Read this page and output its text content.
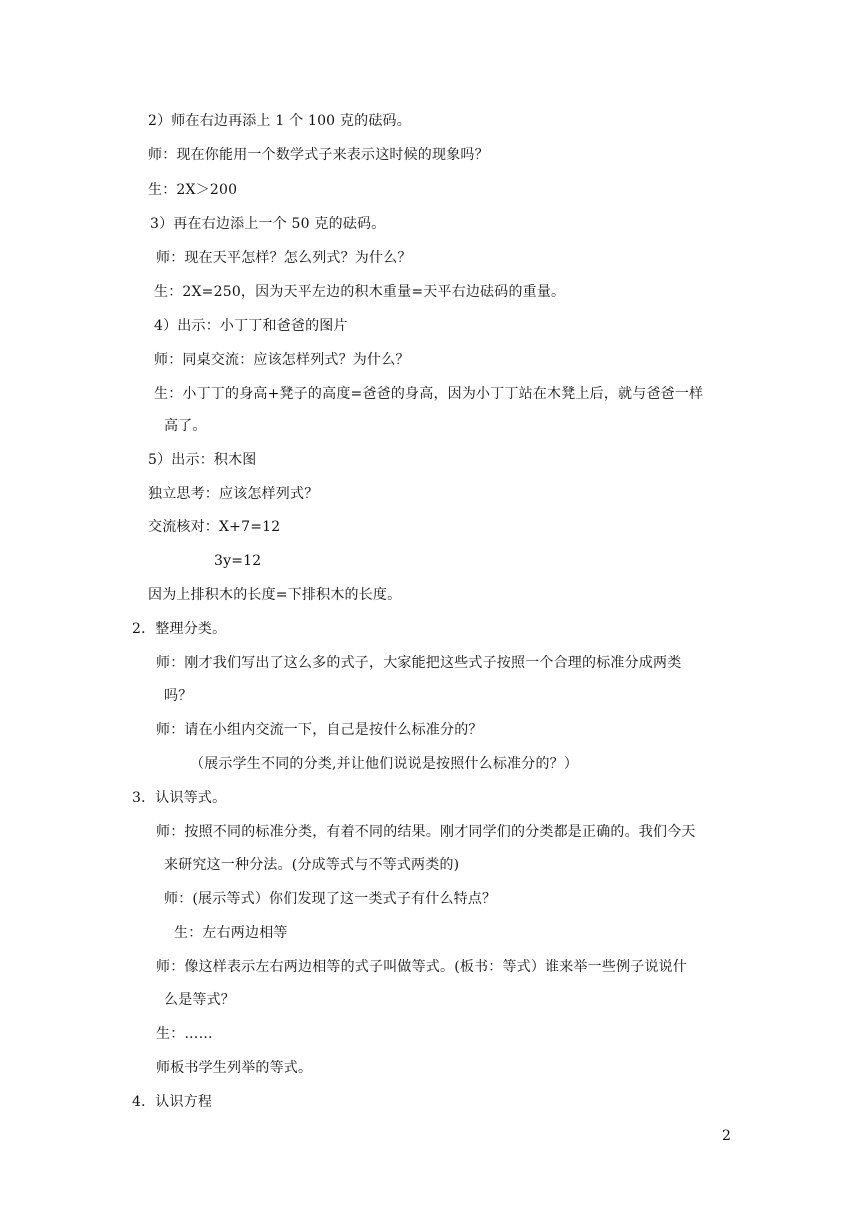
2）师在右边再添上 1 个 100 克的砝码。
师：现在你能用一个数学式子来表示这时候的现象吗？
生：2X＞200
3）再在右边添上一个 50 克的砝码。
师：现在天平怎样？怎么列式？为什么？
生：2X=250，因为天平左边的积木重量=天平右边砝码的重量。
4）出示：小丁丁和爸爸的图片
师：同桌交流：应该怎样列式？为什么？
生：小丁丁的身高+凳子的高度=爸爸的身高，因为小丁丁站在木凳上后，就与爸爸一样
高了。
5）出示：积木图
独立思考：应该怎样列式？
交流核对：X+7=12
3y=12
因为上排积木的长度=下排积木的长度。
2．整理分类。
师：刚才我们写出了这么多的式子，大家能把这些式子按照一个合理的标准分成两类
吗？
师：请在小组内交流一下，自己是按什么标准分的？
（展示学生不同的分类,并让他们说说是按照什么标准分的？）
3．认识等式。
师：按照不同的标准分类，有着不同的结果。刚才同学们的分类都是正确的。我们今天
来研究这一种分法。(分成等式与不等式两类的)
师：(展示等式）你们发现了这一类式子有什么特点？
生：左右两边相等
师：像这样表示左右两边相等的式子叫做等式。(板书：等式）谁来举一些例子说说什
么是等式？
生：……
师板书学生列举的等式。
4．认识方程
2
